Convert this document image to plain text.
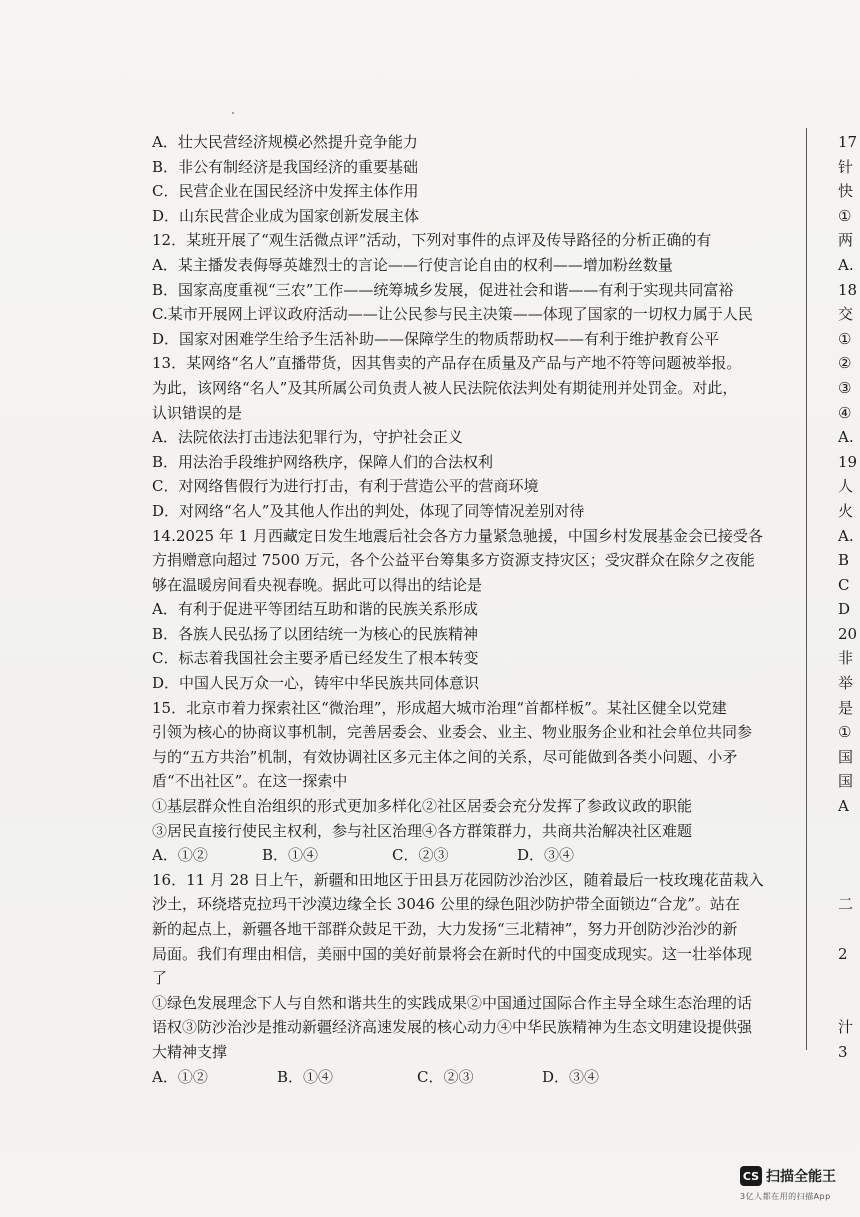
A．壮大民营经济规模必然提升竞争能力
B．非公有制经济是我国经济的重要基础
C．民营企业在国民经济中发挥主体作用
D．山东民营企业成为国家创新发展主体
12．某班开展了“观生活微点评”活动，下列对事件的点评及传导路径的分析正确的有
A．某主播发表侮辱英雄烈士的言论——行使言论自由的权利——增加粉丝数量
B．国家高度重视“三农”工作——统筹城乡发展，促进社会和谐——有利于实现共同富裕
C.某市开展网上评议政府活动——让公民参与民主决策——体现了国家的一切权力属于人民
D．国家对困难学生给予生活补助——保障学生的物质帮助权——有利于维护教育公平
13．某网络“名人”直播带货，因其售卖的产品存在质量及产品与产地不符等问题被举报。
为此，该网络“名人”及其所属公司负责人被人民法院依法判处有期徒刑并处罚金。对此，
认识错误的是
A．法院依法打击违法犯罪行为，守护社会正义
B．用法治手段维护网络秩序，保障人们的合法权利
C．对网络售假行为进行打击，有利于营造公平的营商环境
D．对网络“名人”及其他人作出的判处，体现了同等情况差别对待
14.2025 年 1 月西藏定日发生地震后社会各方力量紧急驰援，中国乡村发展基金会已接受各
方捐赠意向超过 7500 万元，各个公益平台筹集多方资源支持灾区；受灾群众在除夕之夜能
够在温暖房间看央视春晚。据此可以得出的结论是
A．有利于促进平等团结互助和谐的民族关系形成
B．各族人民弘扬了以团结统一为核心的民族精神
C．标志着我国社会主要矛盾已经发生了根本转变
D．中国人民万众一心，铸牢中华民族共同体意识
15．北京市着力探索社区“微治理”，形成超大城市治理“首都样板”。某社区健全以党建
引领为核心的协商议事机制，完善居委会、业委会、业主、物业服务企业和社会单位共同参
与的“五方共治”机制，有效协调社区多元主体之间的关系，尽可能做到各类小问题、小矛
盾“不出社区”。在这一探索中
①基层群众性自治组织的形式更加多样化②社区居委会充分发挥了参政议政的职能
③居民直接行使民主权利，参与社区治理④各方群策群力，共商共治解决社区难题
A．①②	B．①④	C．②③	D．③④
16．11 月 28 日上午，新疆和田地区于田县万花园防沙治沙区，随着最后一枝玫瑰花苗栽入
沙土，环绕塔克拉玛干沙漠边缘全长 3046 公里的绿色阻沙防护带全面锁边“合龙”。站在
新的起点上，新疆各地干部群众鼓足干劲，大力发扬“三北精神”，努力开创防沙治沙的新
局面。我们有理由相信，美丽中国的美好前景将会在新时代的中国变成现实。这一壮举体现
了
①绿色发展理念下人与自然和谐共生的实践成果②中国通过国际合作主导全球生态治理的话
语权③防沙治沙是推动新疆经济高速发展的核心动力④中华民族精神为生态文明建设提供强
大精神支撑
A．①②	B．①④	C．②③	D．③④
17
针
快
①
两
A.
18
交
①
②
③
④
A.
19
人
火
A.
B
C
D
20
非
举
是
①
国
国
A
二
2
汁
3
CS 扫描全能王
3亿人都在用的扫描App
